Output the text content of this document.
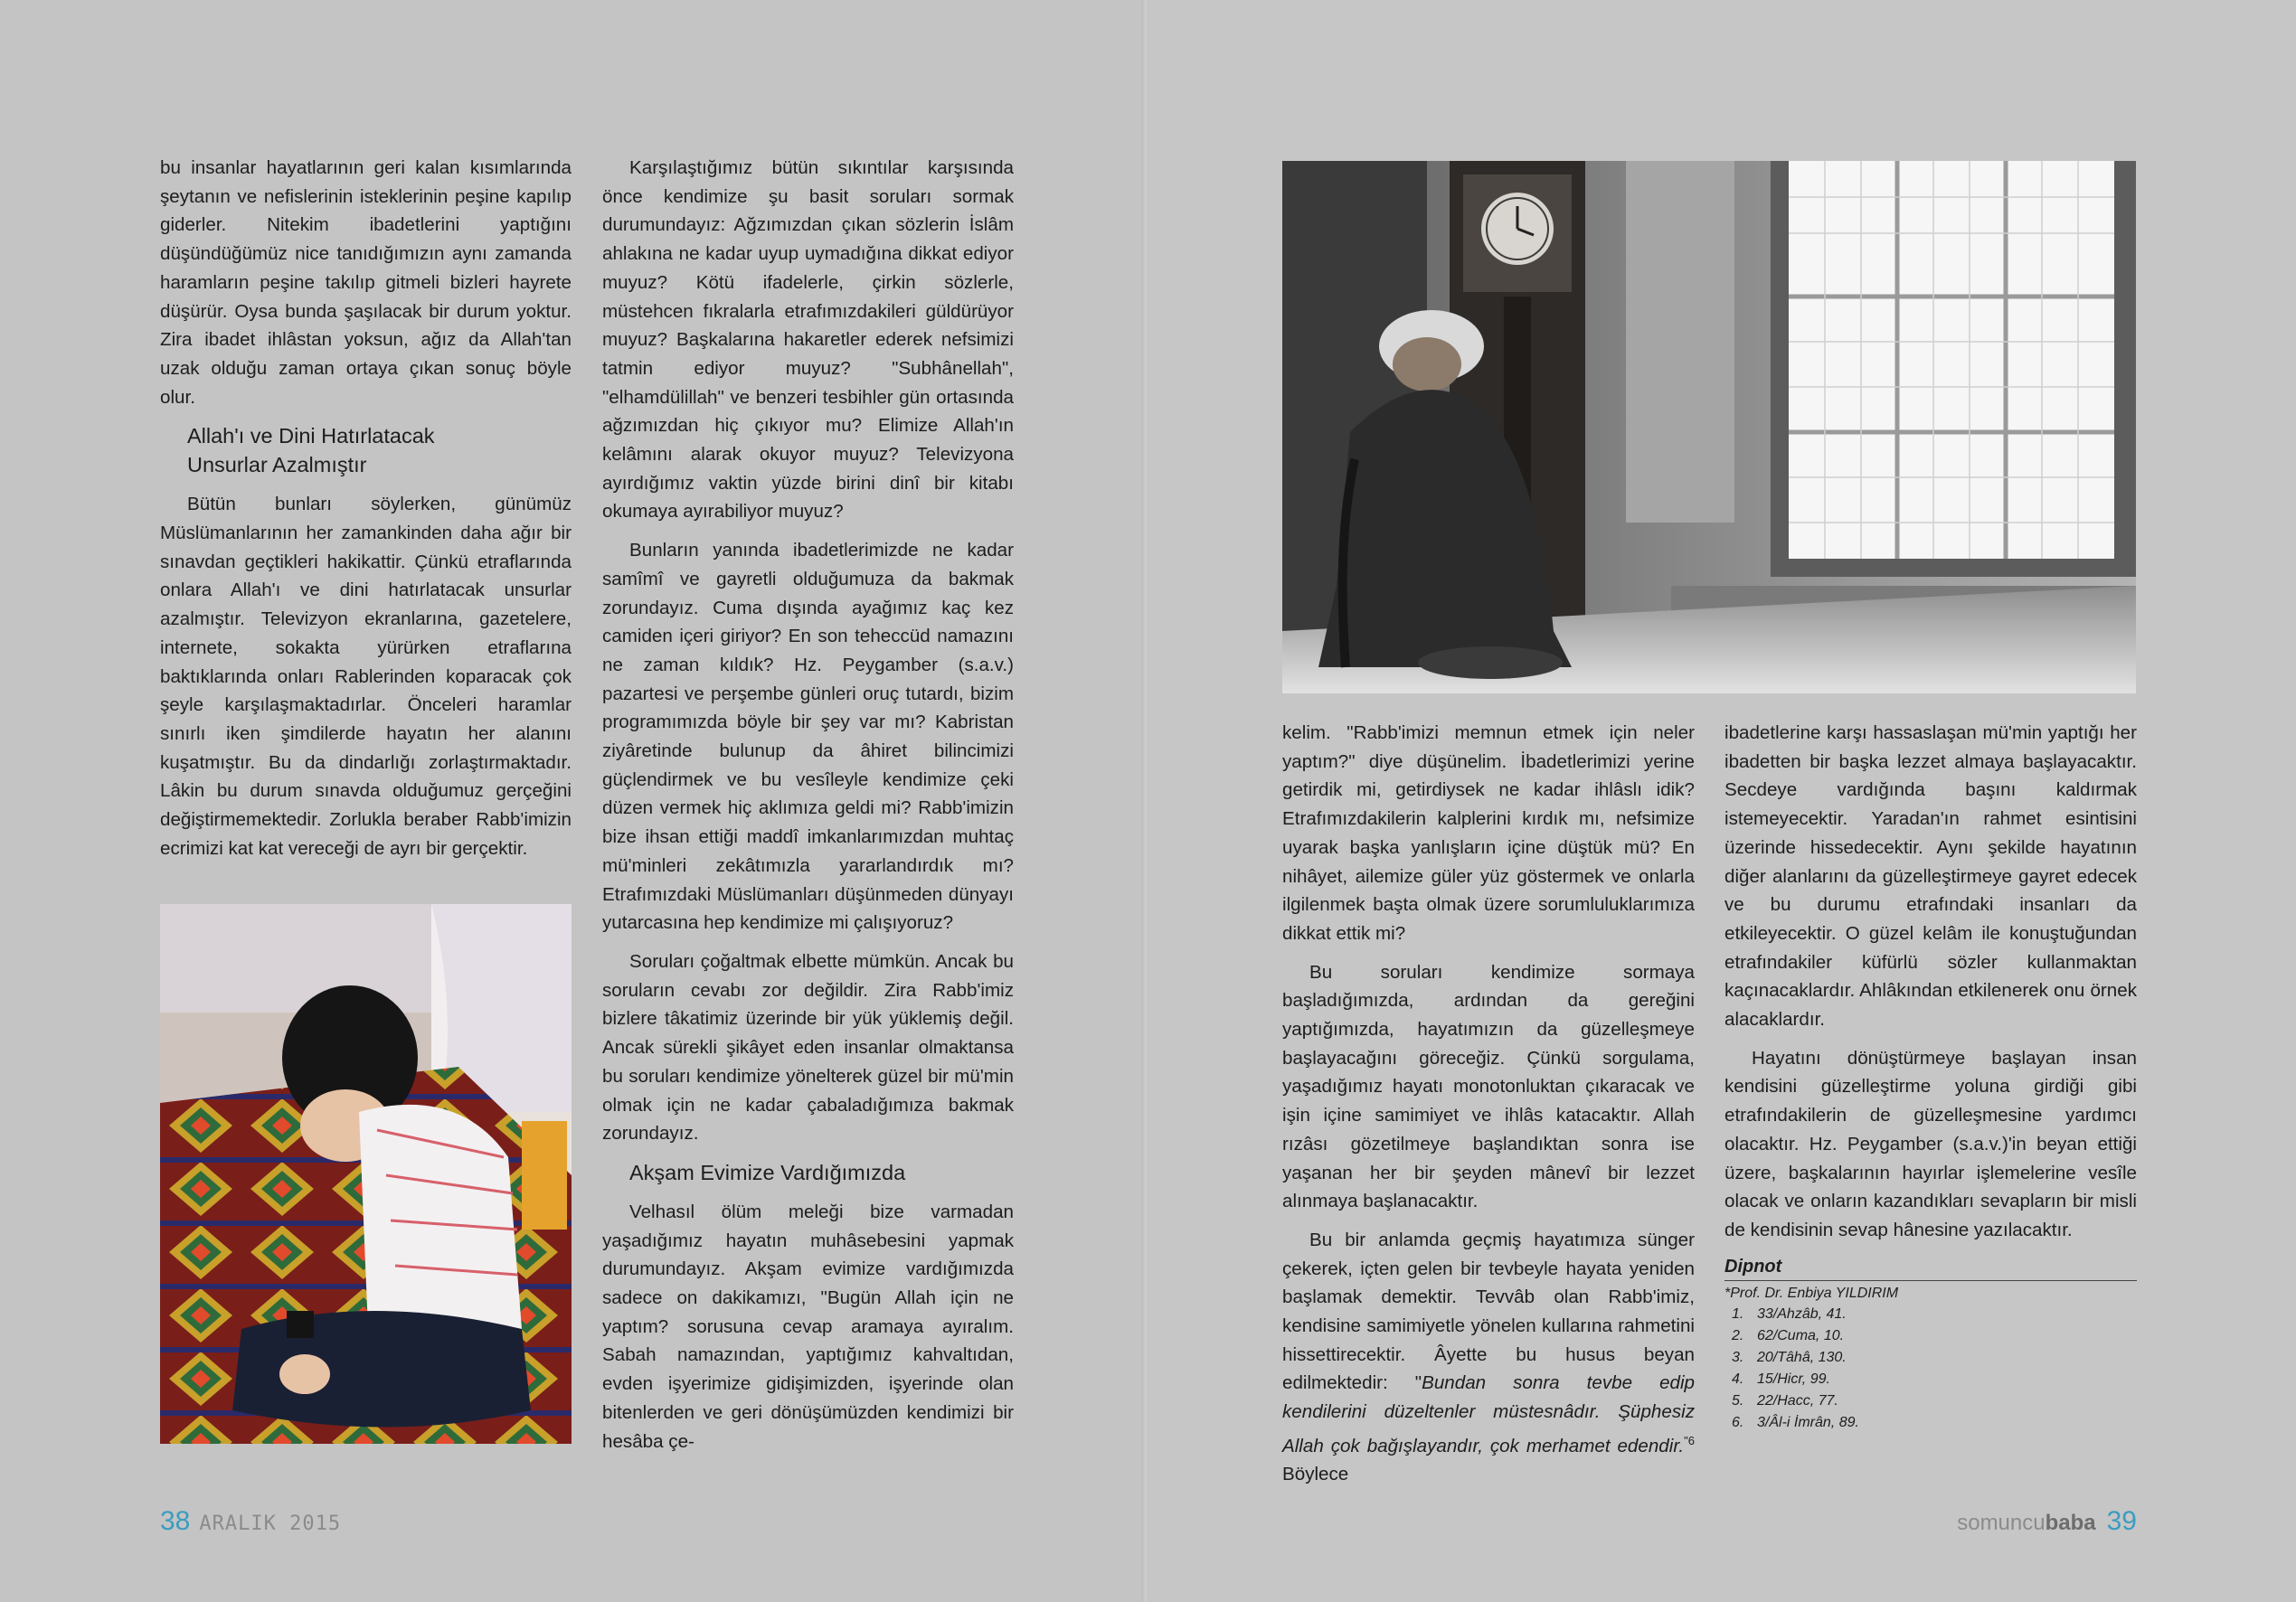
bu insanlar hayatlarının geri kalan kısımlarında şeytanın ve nefislerinin isteklerinin peşine kapılıp giderler. Nitekim ibadetlerini yaptığını düşündüğümüz nice tanıdığımızın aynı zamanda haramların peşine takılıp gitmeli bizleri hayrete düşürür. Oysa bunda şaşılacak bir durum yoktur. Zira ibadet ihlâstan yoksun, ağız da Allah'tan uzak olduğu zaman ortaya çıkan sonuç böyle olur.

Allah'ı ve Dini Hatırlatacak
Unsurlar Azalmıştır

Bütün bunları söylerken, günümüz Müslümanlarının her zamankinden daha ağır bir sınavdan geçtikleri hakikattir. Çünkü etraflarında onlara Allah'ı ve dini hatırlatacak unsurlar azalmıştır. Televizyon ekranlarına, gazetelere, internete, sokakta yürürken etraflarına baktıklarında onları Rablerinden koparacak çok şeyle karşılaşmaktadırlar. Önceleri haramlar sınırlı iken şimdilerde hayatın her alanını kuşatmıştır. Bu da dindarlığı zorlaştırmaktadır. Lâkin bu durum sınavda olduğumuz gerçeğini değiştirmemektedir. Zorlukla beraber Rabb'imizin ecrimizi kat kat vereceği de ayrı bir gerçektir.

Karşılaştığımız bütün sıkıntılar karşısında önce kendimize şu basit soruları sormak durumundayız: Ağzımızdan çıkan sözlerin İslâm ahlakına ne kadar uyup uymadığına dikkat ediyor muyuz? Kötü ifadelerle, çirkin sözlerle, müstehcen fıkralarla etrafımızdakileri güldürüyor muyuz? Başkalarına hakaretler ederek nefsimizi tatmin ediyor muyuz? "Subhânellah", "elhamdülillah" ve benzeri tesbihler gün ortasında ağzımızdan hiç çıkıyor mu? Elimize Allah'ın kelâmını alarak okuyor muyuz? Televizyona ayırdığımız vaktin yüzde birini dinî bir kitabı okumaya ayırabiliyor muyuz?

Bunların yanında ibadetlerimizde ne kadar samîmî ve gayretli olduğumuza da bakmak zorundayız. Cuma dışında ayağımız kaç kez camiden içeri giriyor? En son teheccüd namazını ne zaman kıldık? Hz. Peygamber (s.a.v.) pazartesi ve perşembe günleri oruç tutardı, bizim programımızda böyle bir şey var mı? Kabristan ziyâretinde bulunup da âhiret bilincimizi güçlendirmek ve bu vesîleyle kendimize çeki düzen vermek hiç aklımıza geldi mi? Rabb'imizin bize ihsan ettiği maddî imkanlarımızdan muhtaç mü'minleri zekâtımızla yararlandırdık mı? Etrafımızdaki Müslümanları düşünmeden dünyayı yutarcasına hep kendimize mi çalışıyoruz?

Soruları çoğaltmak elbette mümkün. Ancak bu soruların cevabı zor değildir. Zira Rabb'imiz bizlere tâkatimiz üzerinde bir yük yüklemiş değil. Ancak sürekli şikâyet eden insanlar olmaktansa bu soruları kendimize yönelterek güzel bir mü'min olmak için ne kadar çabaladığımıza bakmak zorundayız.

Akşam Evimize Vardığımızda

Velhasıl ölüm meleği bize varmadan yaşadığımız hayatın muhâsebesini yapmak durumundayız. Akşam evimize vardığımızda sadece on dakikamızı, "Bugün Allah için ne yaptım? sorusuna cevap aramaya ayıralım. Sabah namazından, yaptığımız kahvaltıdan, evden işyerimize gidişimizden, işyerinde olan bitenlerden ve geri dönüşümüzden kendimizi bir hesâba çe-

38 ARALIK 2015

kelim. "Rabb'imizi memnun etmek için neler yaptım?" diye düşünelim. İbadetlerimizi yerine getirdik mi, getirdiysek ne kadar ihlâslı idik? Etrafımızdakilerin kalplerini kırdık mı, nefsimize uyarak başka yanlışların içine düştük mü? En nihâyet, ailemize güler yüz göstermek ve onlarla ilgilenmek başta olmak üzere sorumluluklarımıza dikkat ettik mi?

Bu soruları kendimize sormaya başladığımızda, ardından da gereğini yaptığımızda, hayatımızın da güzelleşmeye başlayacağını göreceğiz. Çünkü sorgulama, yaşadığımız hayatı monotonluktan çıkaracak ve işin içine samimiyet ve ihlâs katacaktır. Allah rızâsı gözetilmeye başlandıktan sonra ise yaşanan her bir şeyden mânevî bir lezzet alınmaya başlanacaktır.

Bu bir anlamda geçmiş hayatımıza sünger çekerek, içten gelen bir tevbeyle hayata yeniden başlamak demektir. Tevvâb olan Rabb'imiz, kendisine samimiyetle yönelen kullarına rahmetini hissettirecektir. Âyette bu husus beyan edilmektedir: "Bundan sonra tevbe edip kendilerini düzeltenler müstesnâdır. Şüphesiz Allah çok bağışlayandır, çok merhamet edendir.$^{"6}$ Böylece

ibadetlerine karşı hassaslaşan mü'min yaptığı her ibadetten bir başka lezzet almaya başlayacaktır. Secdeye vardığında başını kaldırmak istemeyecektir. Yaradan'ın rahmet esintisini üzerinde hissedecektir. Aynı şekilde hayatının diğer alanlarını da güzelleştirmeye gayret edecek ve bu durumu etrafındaki insanları da etkileyecektir. O güzel kelâm ile konuştuğundan etrafındakiler küfürlü sözler kullanmaktan kaçınacaklardır. Ahlâkından etkilenerek onu örnek alacaklardır.

Hayatını dönüştürmeye başlayan insan kendisini güzelleştirme yoluna girdiği gibi etrafındakilerin de güzelleşmesine yardımcı olacaktır. Hz. Peygamber (s.a.v.)'in beyan ettiği üzere, başkalarının hayırlar işlemelerine vesîle olacak ve onların kazandıkları sevapların bir misli de kendisinin sevap hânesine yazılacaktır.

Dipnot
*Prof. Dr. Enbiya YILDIRIM
1. 33/Ahzâb, 41.
2. 62/Cuma, 10.
3. 20/Tâhâ, 130.
4. 15/Hicr, 99.
5. 22/Hacc, 77.
6. 3/Âl-i İmrân, 89.
somuncubaba 39
